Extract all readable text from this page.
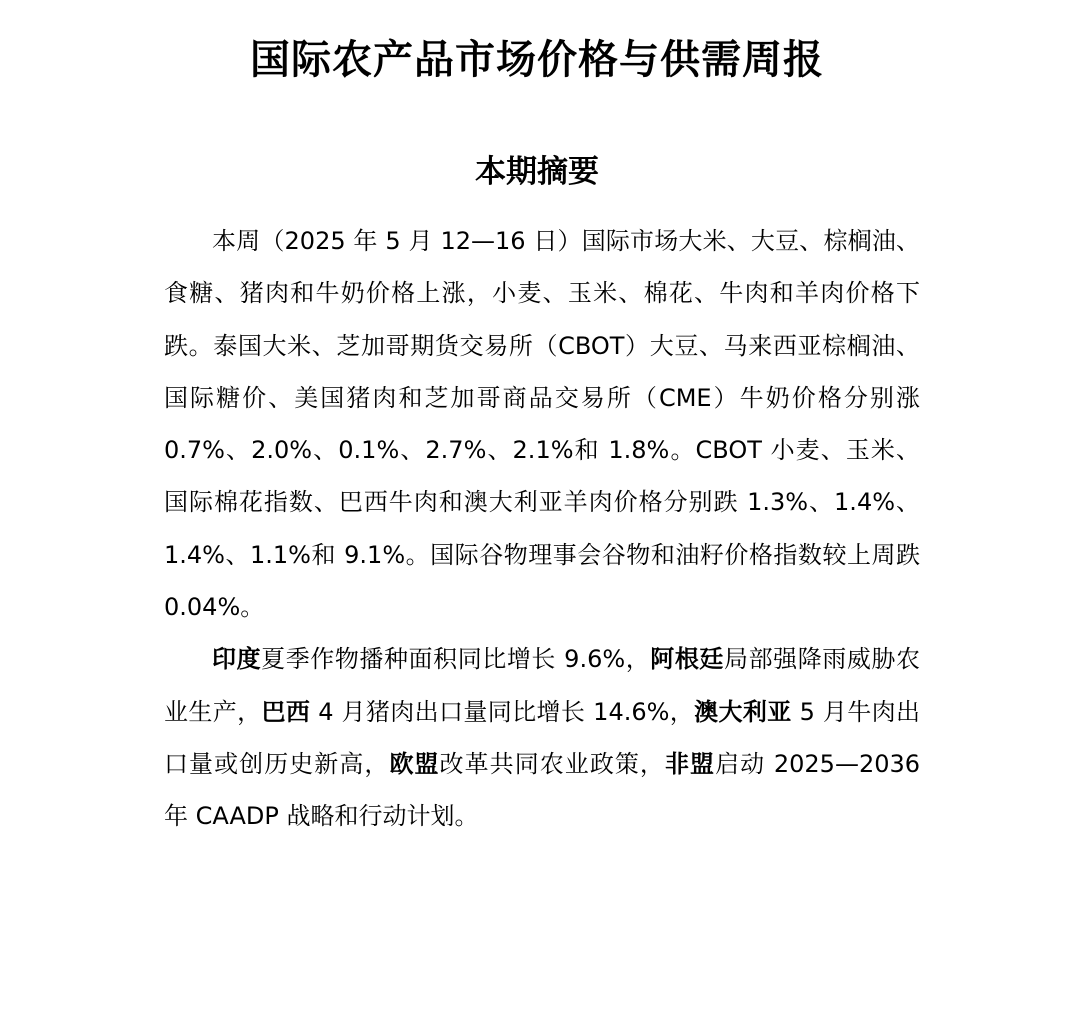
国际农产品市场价格与供需周报
本期摘要

本周（2025 年 5 月 12—16 日）国际市场大米、大豆、棕榈油、食糖、猪肉和牛奶价格上涨，小麦、玉米、棉花、牛肉和羊肉价格下跌。泰国大米、芝加哥期货交易所（CBOT）大豆、马来西亚棕榈油、国际糖价、美国猪肉和芝加哥商品交易所（CME）牛奶价格分别涨 0.7%、2.0%、0.1%、2.7%、2.1%和 1.8%。CBOT 小麦、玉米、国际棉花指数、巴西牛肉和澳大利亚羊肉价格分别跌 1.3%、1.4%、1.4%、1.1%和 9.1%。国际谷物理事会谷物和油籽价格指数较上周跌 0.04%。

印度夏季作物播种面积同比增长 9.6%，阿根廷局部强降雨威胁农业生产，巴西 4 月猪肉出口量同比增长 14.6%，澳大利亚 5 月牛肉出口量或创历史新高，欧盟改革共同农业政策，非盟启动 2025—2036 年 CAADP 战略和行动计划。
